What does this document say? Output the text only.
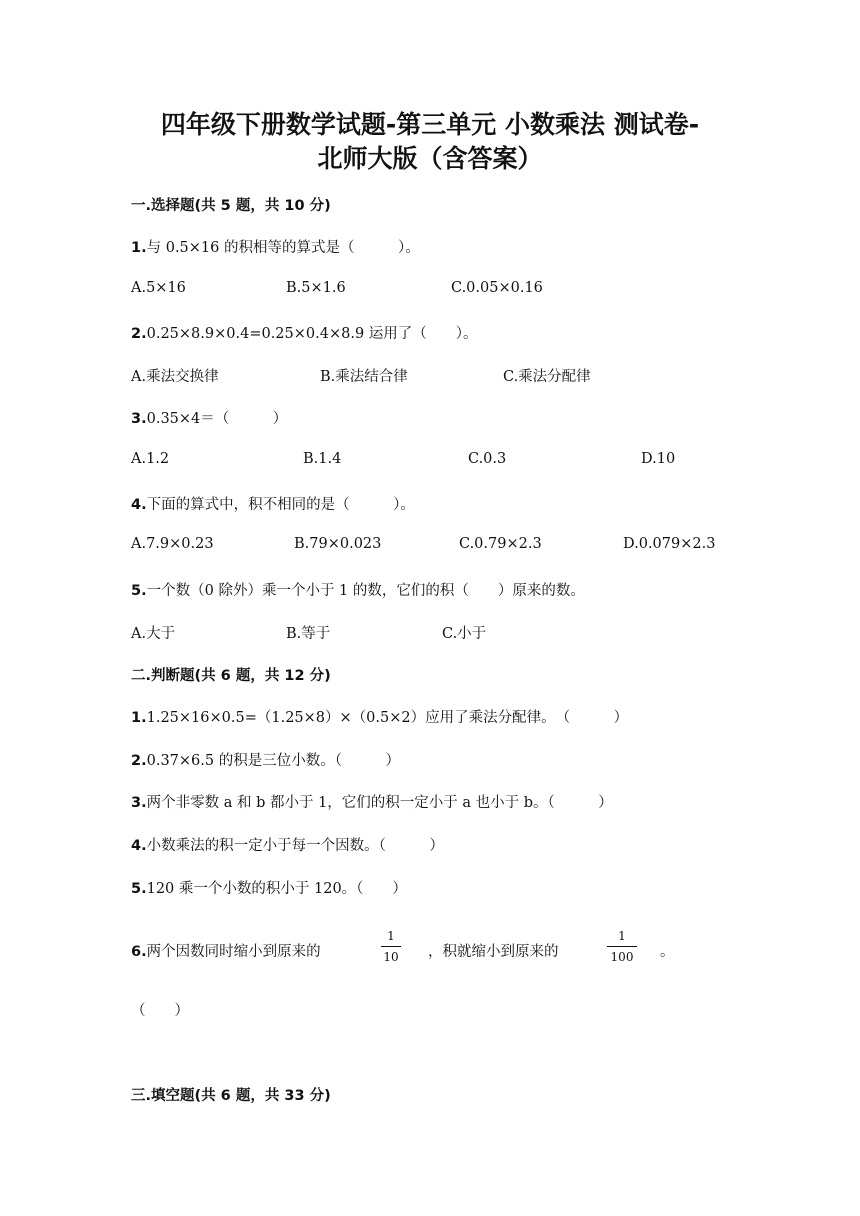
四年级下册数学试题-第三单元 小数乘法 测试卷-
北师大版（含答案）
一.选择题(共 5 题，共 10 分)
1.与 0.5×16 的积相等的算式是（　　　）。
A.5×16	B.5×1.6	C.0.05×0.16
2.0.25×8.9×0.4=0.25×0.4×8.9 运用了（　　）。
A.乘法交换律	B.乘法结合律	C.乘法分配律
3.0.35×4＝（　　　）
A.1.2	B.1.4	C.0.3	D.10
4.下面的算式中，积不相同的是（　　　）。
A.7.9×0.23	B.79×0.023	C.0.79×2.3	D.0.079×2.3
5.一个数（0 除外）乘一个小于 1 的数，它们的积（　　）原来的数。
A.大于	B.等于	C.小于
二.判断题(共 6 题，共 12 分)
1.1.25×16×0.5=（1.25×8）×（0.5×2）应用了乘法分配律。　（　　　）
2.0.37×6.5 的积是三位小数。（　　　）
3.两个非零数 a 和 b 都小于 1，它们的积一定小于 a 也小于 b。（　　　）
4.小数乘法的积一定小于每一个因数。（　　　）
5.120 乘一个小数的积小于 120。（　　）
6.两个因数同时缩小到原来的
1
10 ，积就缩小到原来的
1
100 。
（　　）
三.填空题(共 6 题，共 33 分)
